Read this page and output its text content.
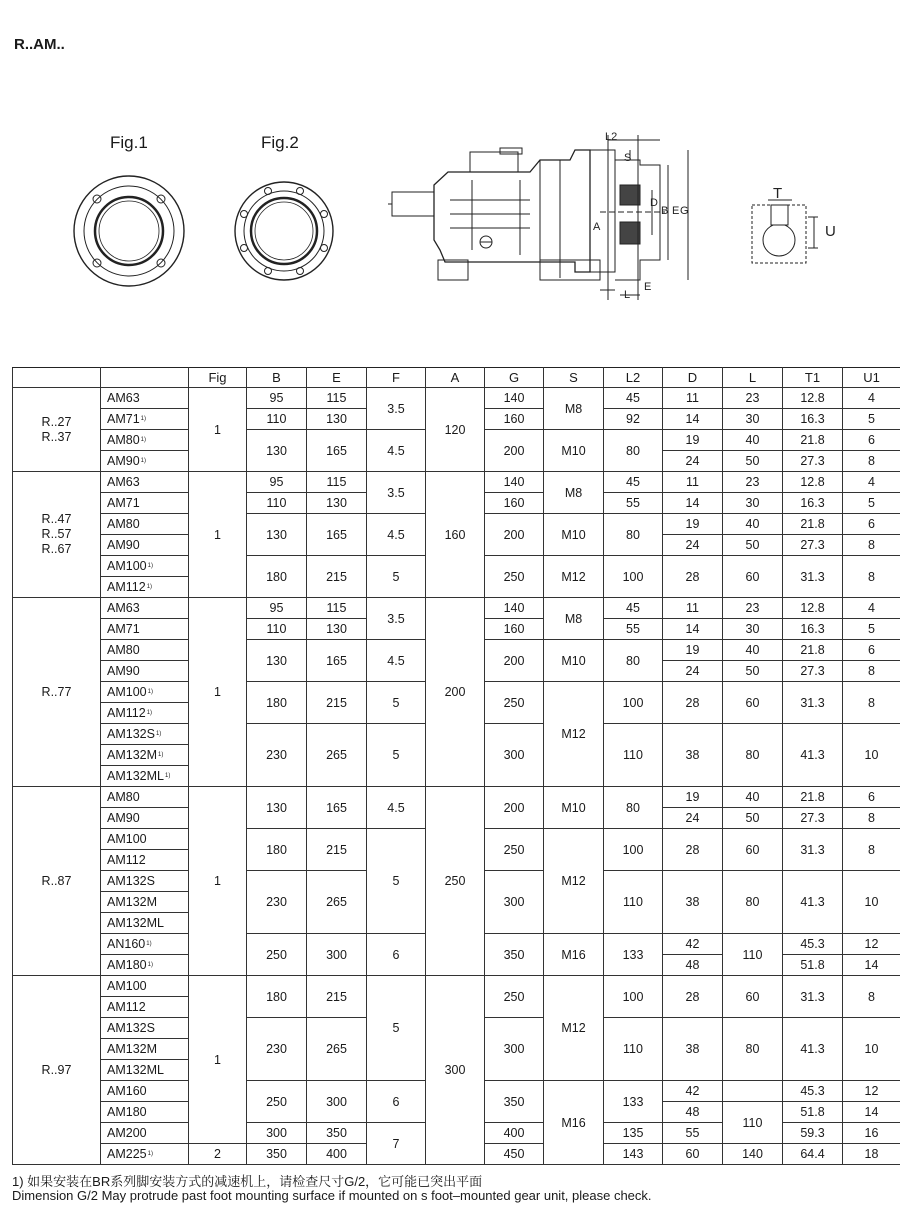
R..AM..
Fig.1	Fig.2	L2
S
B E G
D
A
L
E
T
U
		Fig	B	E	F	A	G	S	L2	D	L	T1	U1

R..27
R..37	AM63	1	95	115	3.5	120	140	M8	45	11	23	12.8	4
	AM71$^{1)}$		110	130			160		92	14	30	16.3	5
	AM80$^{1)}$		130	165	4.5		200	M10	80	19	40	21.8	6
	AM90$^{1)}$									24	50	27.3	8

R..47
R..57
R..67	AM63	1	95	115	3.5	160	140	M8	45	11	23	12.8	4
	AM71		110	130			160		55	14	30	16.3	5
	AM80		130	165	4.5		200	M10	80	19	40	21.8	6
	AM90									24	50	27.3	8
	AM100$^{1)}$		180	215	5		250	M12	100	28	60	31.3	8
	AM112$^{1)}$

R..77	AM63	1	95	115	3.5	200	140	M8	45	11	23	12.8	4
	AM71		110	130			160		55	14	30	16.3	5
	AM80		130	165	4.5		200	M10	80	19	40	21.8	6
	AM90									24	50	27.3	8
	AM100$^{1)}$		180	215	5		250	M12	100	28	60	31.3	8
	AM112$^{1)}$
	AM132S$^{1)}$		230	265	5		300		110	38	80	41.3	10
	AM132M$^{1)}$
	AM132ML$^{1)}$

R..87	AM80	1	130	165	4.5	250	200	M10	80	19	40	21.8	6
	AM90									24	50	27.3	8
	AM100		180	215	5		250	M12	100	28	60	31.3	8
	AM112												
	AM132S		230	265			300		110	38	80	41.3	10
	AM132M												
	AM132ML												
	AN160$^{1)}$		250	300	6		350	M16	133	42	110	45.3	12
	AM180$^{1)}$									48		51.8	14

R..97	AM100	1	180	215	5	300	250	M12	100	28	60	31.3	8
	AM112												
	AM132S		230	265			300		110	38	80	41.3	10
	AM132M												
	AM132ML												
	AM160		250	300	6		350	M16	133	42		45.3	12
	AM180									48	110	51.8	14
	AM200		300	350	7		400		135	55		59.3	16
	AM225$^{1)}$	2	350	400			450		143	60	140	64.4	18
1) 如果安装在BR系列脚安装方式的减速机上，请检查尺寸G/2，它可能已突出平面
Dimension G/2 May protrude past foot mounting surface if mounted on s foot–mounted gear unit, please check.
